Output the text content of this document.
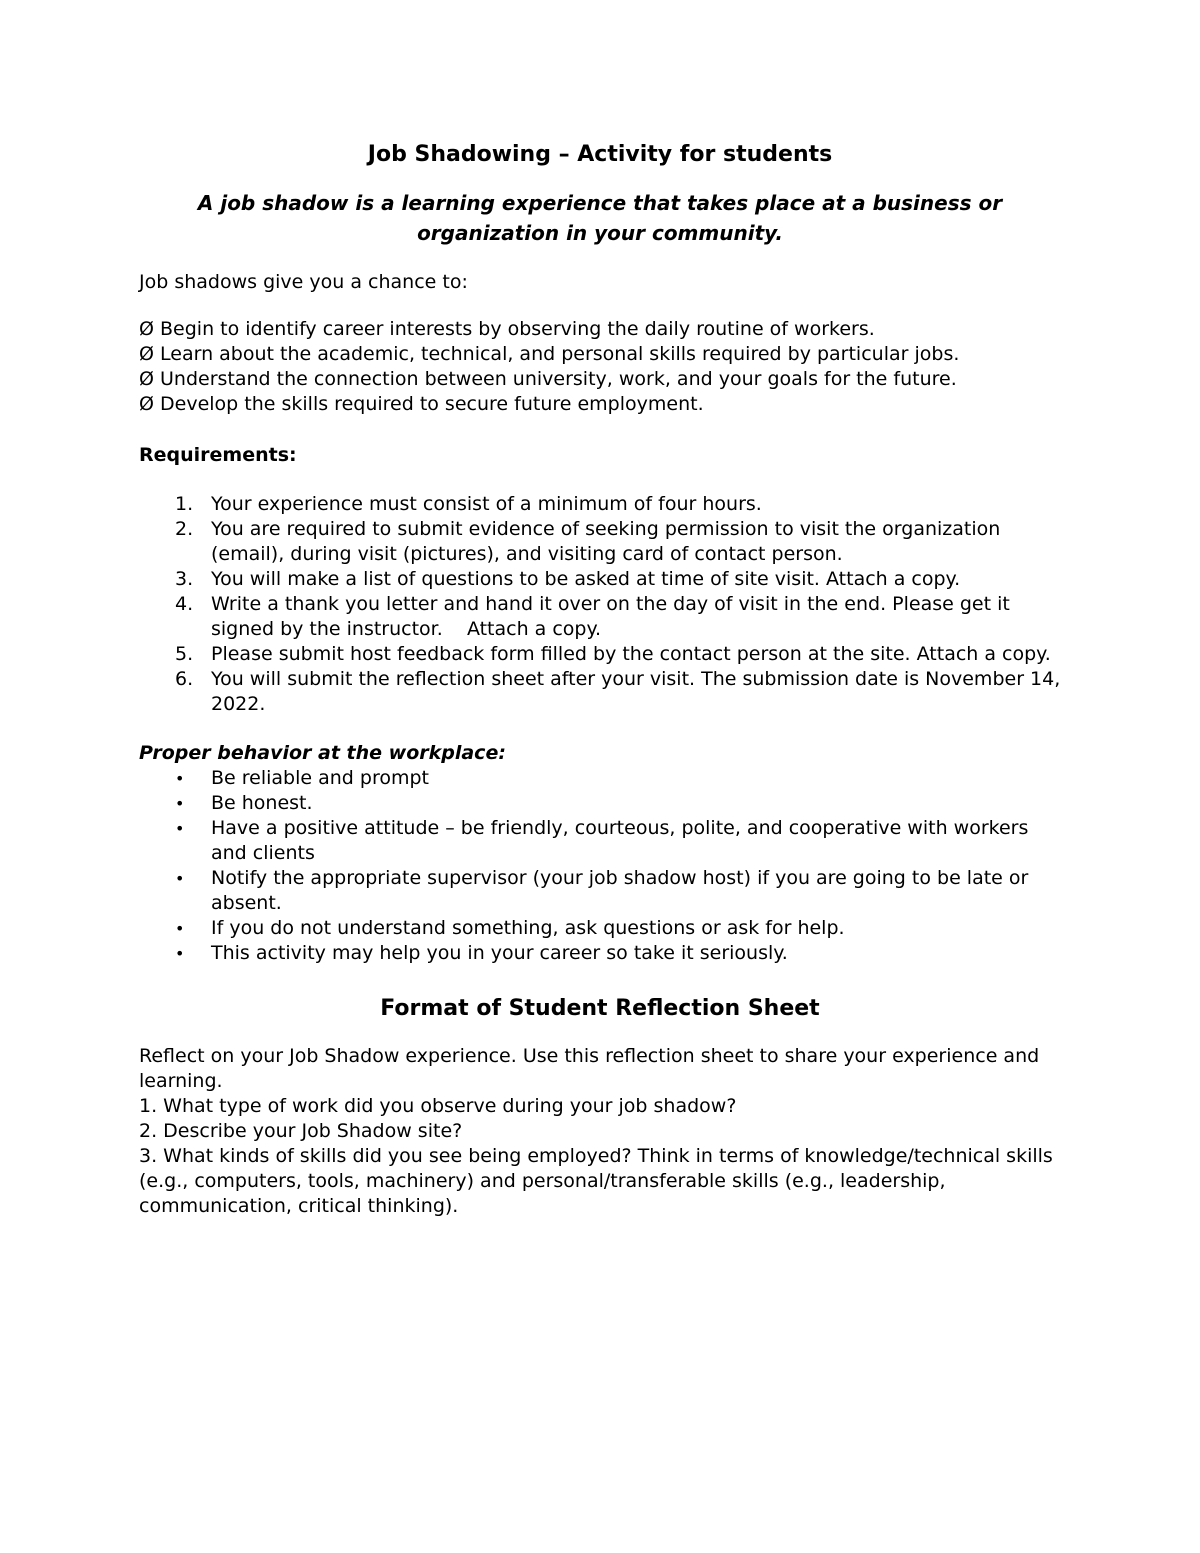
Job Shadowing – Activity for students

A job shadow is a learning experience that takes place at a business or organization in your community.

Job shadows give you a chance to:

Ø Begin to identify career interests by observing the daily routine of workers.
Ø Learn about the academic, technical, and personal skills required by particular jobs.
Ø Understand the connection between university, work, and your goals for the future.
Ø Develop the skills required to secure future employment.

Requirements:

1. Your experience must consist of a minimum of four hours.
2. You are required to submit evidence of seeking permission to visit the organization (email), during visit (pictures), and visiting card of contact person.
3. You will make a list of questions to be asked at time of site visit. Attach a copy.
4. Write a thank you letter and hand it over on the day of visit in the end. Please get it signed by the instructor.    Attach a copy.
5. Please submit host feedback form filled by the contact person at the site. Attach a copy.
6. You will submit the reflection sheet after your visit. The submission date is November 14, 2022.

Proper behavior at the workplace:

• Be reliable and prompt
• Be honest.
• Have a positive attitude – be friendly, courteous, polite, and cooperative with workers and clients
• Notify the appropriate supervisor (your job shadow host) if you are going to be late or absent.
• If you do not understand something, ask questions or ask for help.
• This activity may help you in your career so take it seriously.
Format of Student Reflection Sheet

Reflect on your Job Shadow experience. Use this reflection sheet to share your experience and learning.

1. What type of work did you observe during your job shadow?

2. Describe your Job Shadow site?

3. What kinds of skills did you see being employed? Think in terms of knowledge/technical skills (e.g., computers, tools, machinery) and personal/transferable skills (e.g., leadership, communication, critical thinking).
